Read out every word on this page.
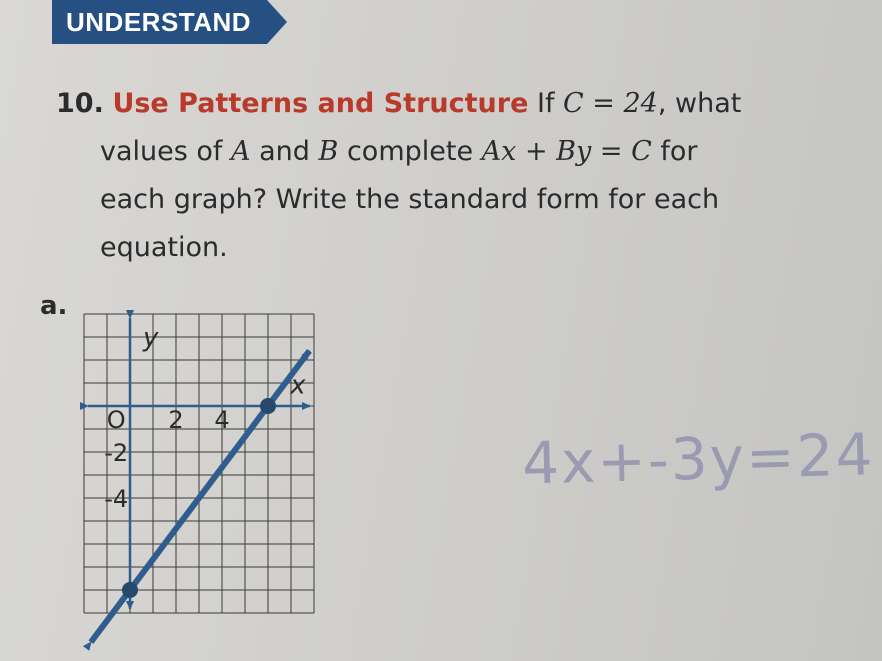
UNDERSTAND
10. Use Patterns and Structure If C = 24, what
values of A and B complete Ax + By = C for
each graph? Write the standard form for each
equation.
a.
x
y
O 2 4
-2
-4
4x+-3y=24
